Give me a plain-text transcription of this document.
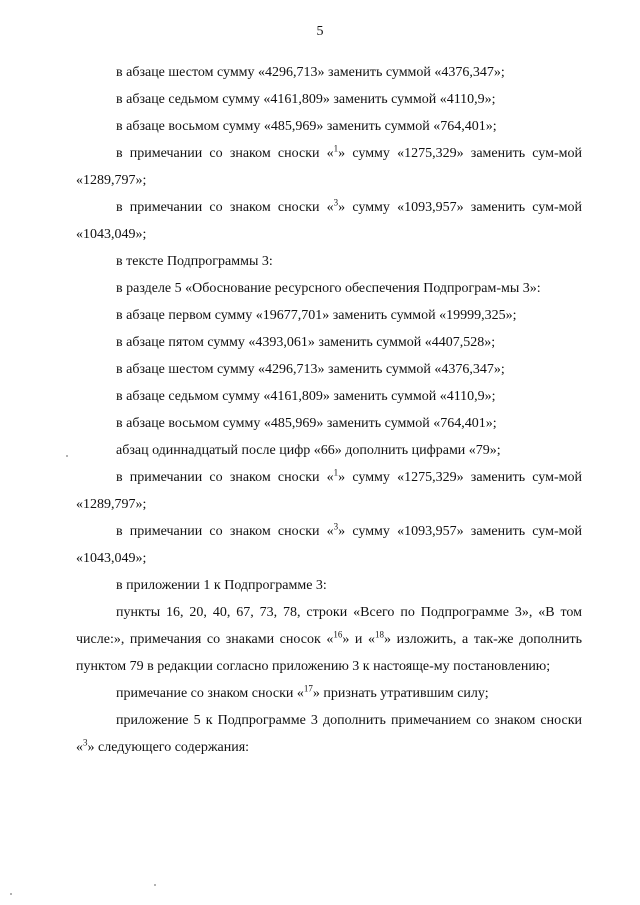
5

в абзаце шестом сумму «4296,713» заменить суммой «4376,347»;

в абзаце седьмом сумму «4161,809» заменить суммой «4110,9»;

в абзаце восьмом сумму «485,969» заменить суммой «764,401»;

в примечании со знаком сноски «$^1$» сумму «1275,329» заменить сум-мой «1289,797»;

в примечании со знаком сноски «$^3$» сумму «1093,957» заменить сум-мой «1043,049»;

в тексте Подпрограммы 3:

в разделе 5 «Обоснование ресурсного обеспечения Подпрограм-мы 3»:

в абзаце первом сумму «19677,701» заменить суммой «19999,325»;

в абзаце пятом сумму «4393,061» заменить суммой «4407,528»;

в абзаце шестом сумму «4296,713» заменить суммой «4376,347»;

в абзаце седьмом сумму «4161,809» заменить суммой «4110,9»;

в абзаце восьмом сумму «485,969» заменить суммой «764,401»;

абзац одиннадцатый после цифр «66» дополнить цифрами «79»;

в примечании со знаком сноски «$^1$» сумму «1275,329» заменить сум-мой «1289,797»;

в примечании со знаком сноски «$^3$» сумму «1093,957» заменить сум-мой «1043,049»;

в приложении 1 к Подпрограмме 3:

пункты 16, 20, 40, 67, 73, 78, строки «Всего по Подпрограмме 3», «В том числе:», примечания со знаками сносок «$^{16}$» и «$^{18}$» изложить, а так-же дополнить пунктом 79 в редакции согласно приложению 3 к настояще-му постановлению;

примечание со знаком сноски «$^{17}$» признать утратившим силу;

приложение 5 к Подпрограмме 3 дополнить примечанием со знаком сноски «$^3$» следующего содержания:
